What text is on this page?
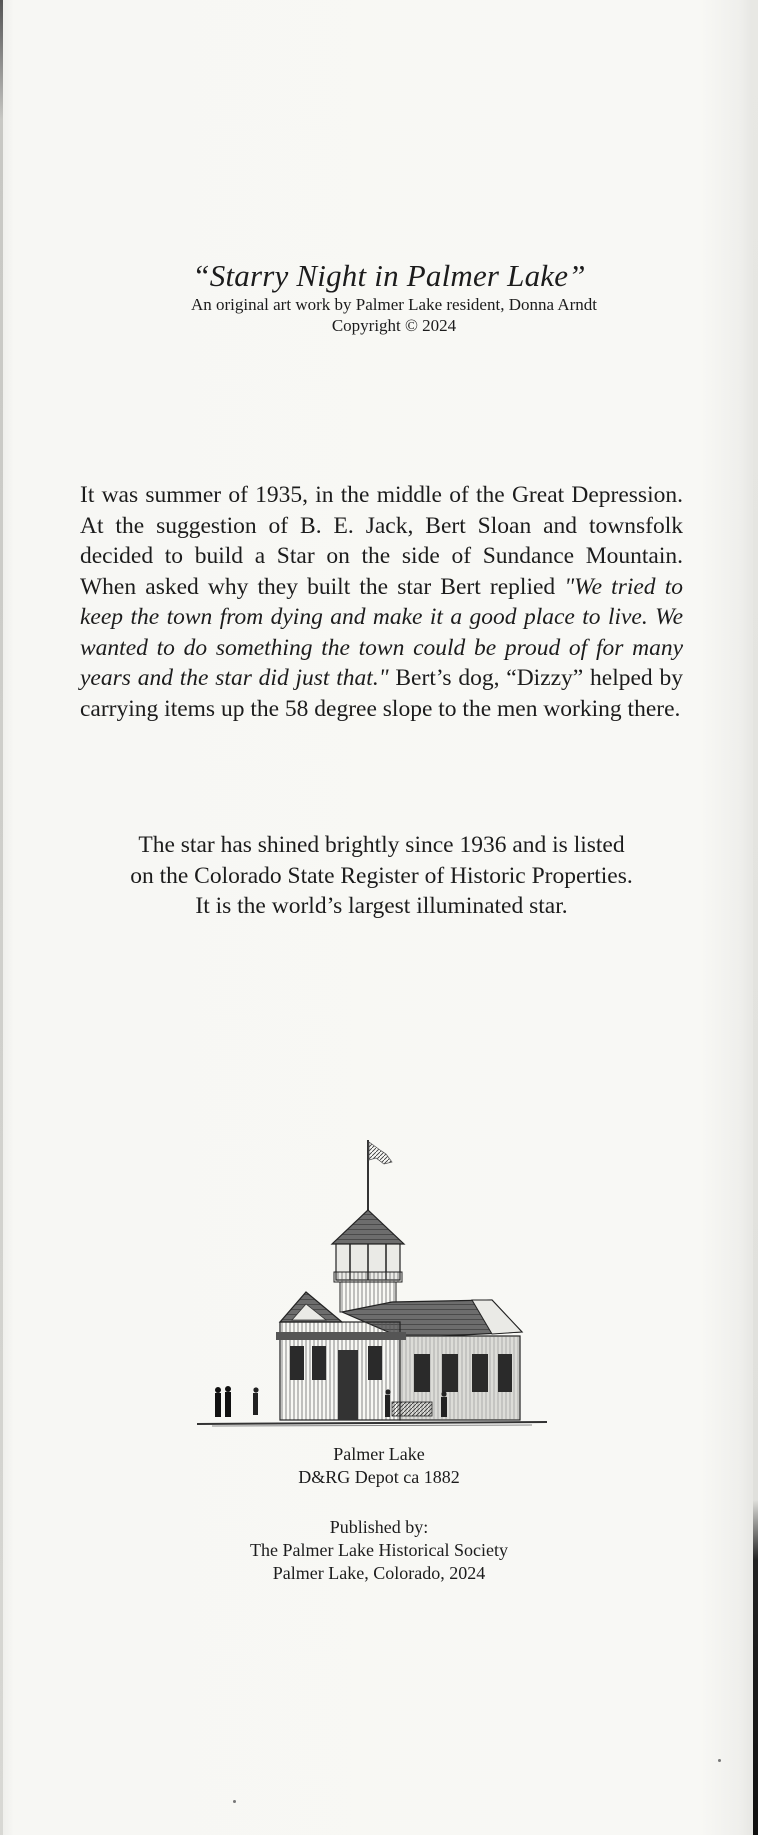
“Starry Night in Palmer Lake”
An original art work by Palmer Lake resident, Donna Arndt
Copyright © 2024
It was summer of 1935, in the middle of the Great Depression. At the suggestion of B. E. Jack, Bert Sloan and townsfolk decided to build a Star on the side of Sundance Mountain. When asked why they built the star Bert replied "We tried to keep the town from dying and make it a good place to live. We wanted to do something the town could be proud of for many years and the star did just that." Bert’s dog, “Dizzy” helped by carrying items up the 58 degree slope to the men working there.
The star has shined brightly since 1936 and is listed
on the Colorado State Register of Historic Properties.
It is the world’s largest illuminated star.
Palmer Lake
D&RG Depot ca 1882
Published by:
The Palmer Lake Historical Society
Palmer Lake, Colorado, 2024
